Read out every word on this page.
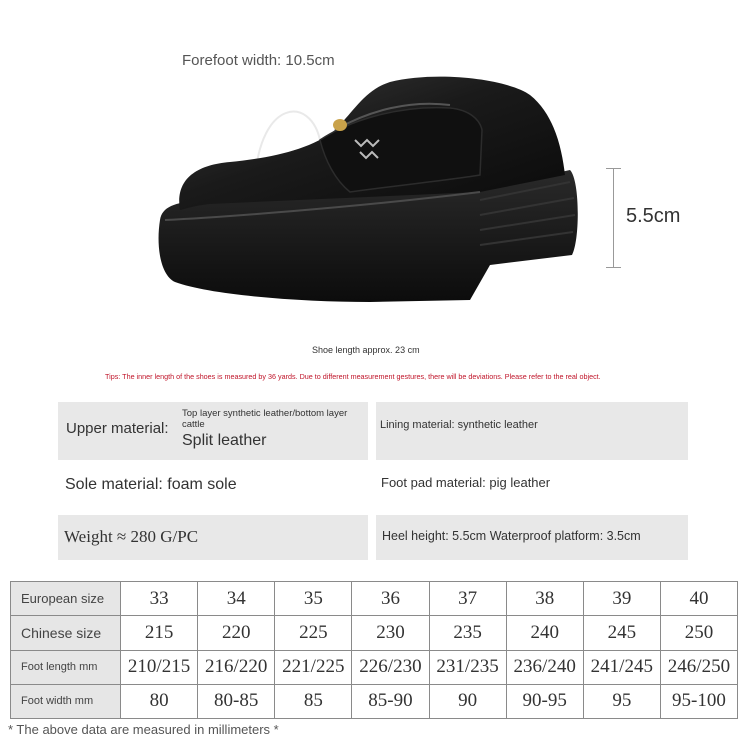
Forefoot width: 10.5cm
5.5cm
Shoe length approx. 23 cm
Tips: The inner length of the shoes is measured by 36 yards. Due to different measurement gestures, there will be deviations. Please refer to the real object.
Upper material:
Top layer synthetic leather/bottom layer cattle
Split leather
Lining material: synthetic leather
Sole material: foam sole	Foot pad material: pig leather
Weight ≈ 280 G/PC	Heel height: 5.5cm Waterproof platform: 3.5cm
European size	33	34	35	36	37	38	39	40
Chinese size	215	220	225	230	235	240	245	250
Foot length mm	210/215	216/220	221/225	226/230	231/235	236/240	241/245	246/250
Foot width mm	80	80-85	85	85-90	90	90-95	95	95-100
* The above data are measured in millimeters *
